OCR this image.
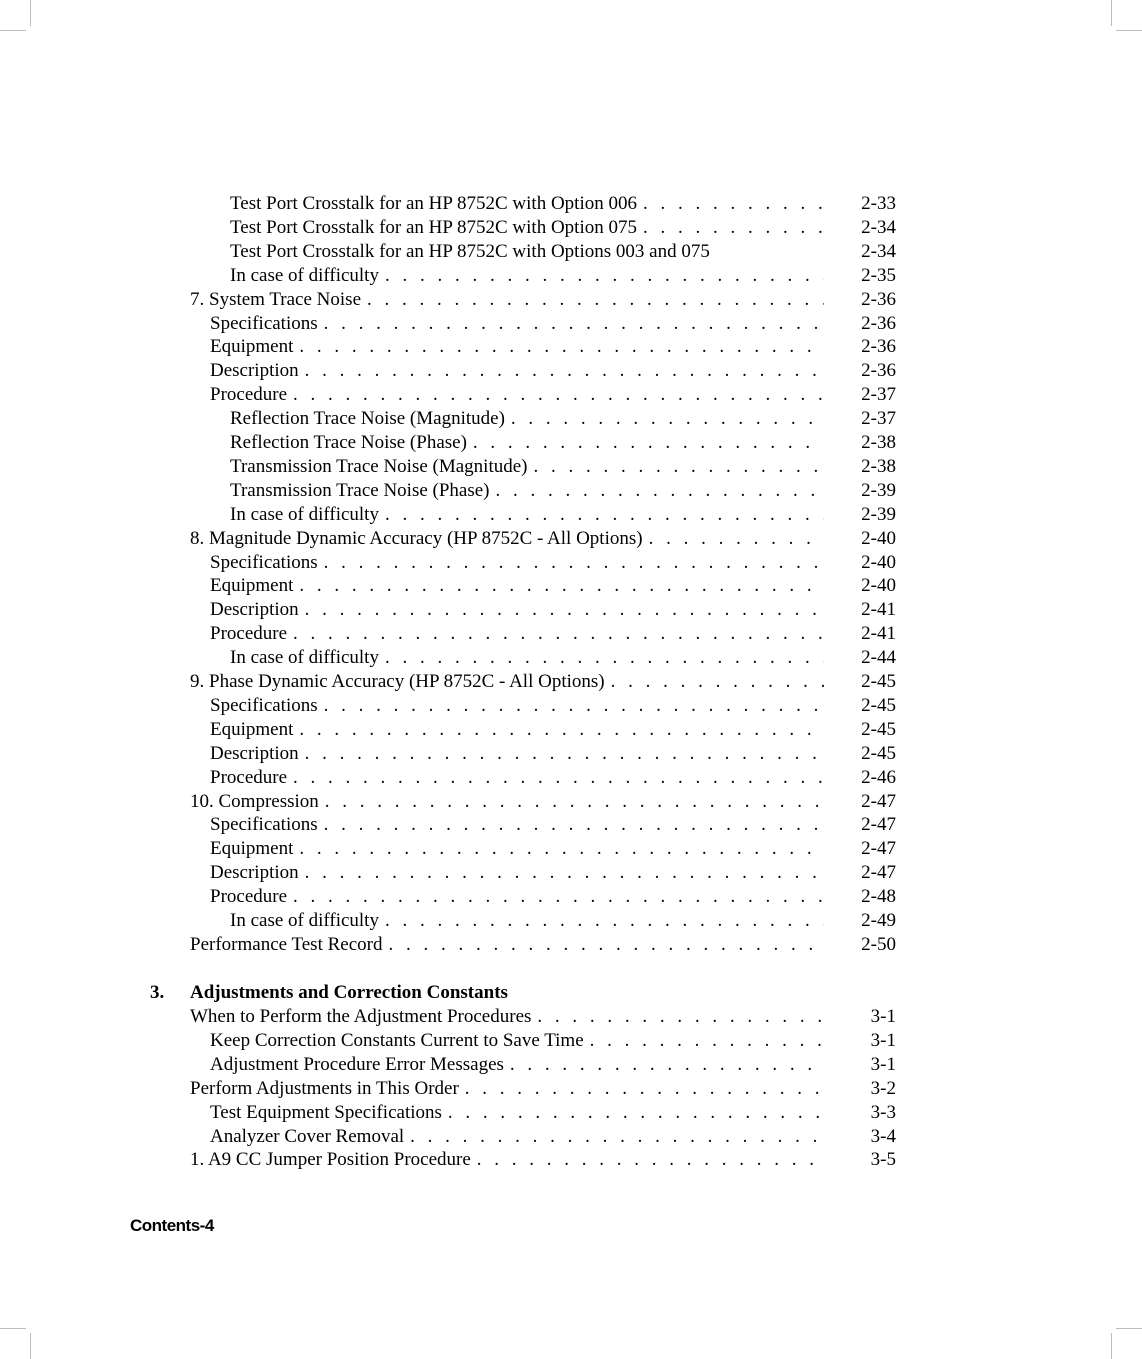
Test Port Crosstalk for an HP 8752C with Option 006 . . .	2-33
Test Port Crosstalk for an HP 8752C with Option 075 . . .	2-34
Test Port Crosstalk for an HP 8752C with Options 003 and 075	2-34
In case of difficulty . . .	2-35
7. System Trace Noise . . .	2-36
Specifications . . .	2-36
Equipment . . .	2-36
Description . . .	2-36
Procedure . . .	2-37
Reflection Trace Noise (Magnitude) . . .	2-37
Reflection Trace Noise (Phase) . . .	2-38
Transmission Trace Noise (Magnitude) . . .	2-38
Transmission Trace Noise (Phase) . . .	2-39
In case of difficulty . . .	2-39
8. Magnitude Dynamic Accuracy (HP 8752C - All Options) . . .	2-40
Specifications . . .	2-40
Equipment . . .	2-40
Description . . .	2-41
Procedure . . .	2-41
In case of difficulty . . .	2-44
9. Phase Dynamic Accuracy (HP 8752C - All Options) . . .	2-45
Specifications . . .	2-45
Equipment . . .	2-45
Description . . .	2-45
Procedure . . .	2-46
10. Compression . . .	2-47
Specifications . . .	2-47
Equipment . . .	2-47
Description . . .	2-47
Procedure . . .	2-48
In case of difficulty . . .	2-49
Performance Test Record . . .	2-50
3. Adjustments and Correction Constants
When to Perform the Adjustment Procedures . . .	3-1
Keep Correction Constants Current to Save Time . . .	3-1
Adjustment Procedure Error Messages . . .	3-1
Perform Adjustments in This Order . . .	3-2
Test Equipment Specifications . . .	3-3
Analyzer Cover Removal . . .	3-4
1. A9 CC Jumper Position Procedure . . .	3-5
Contents-4
